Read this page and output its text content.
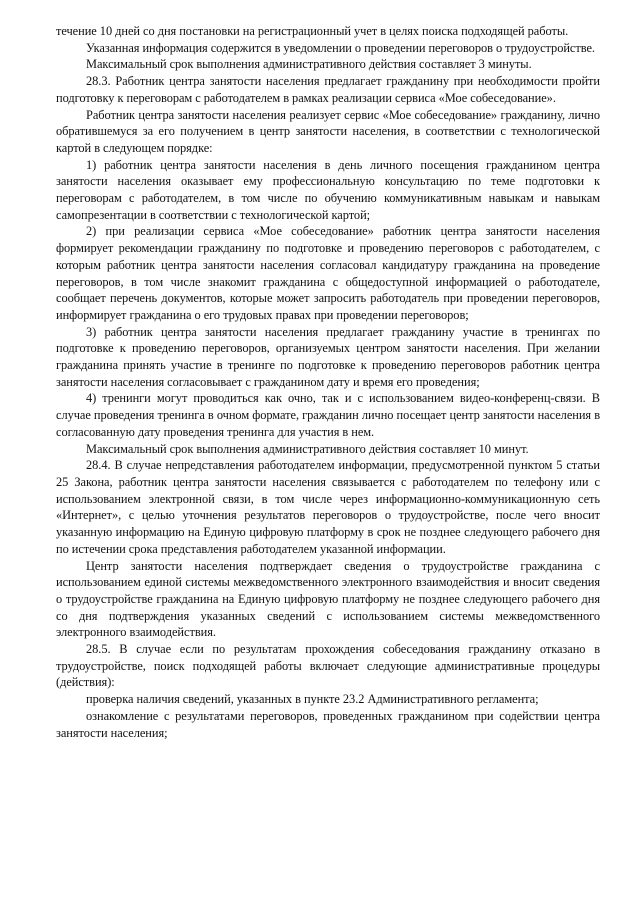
течение 10 дней со дня постановки на регистрационный учет в целях поиска подходящей работы.

Указанная информация содержится в уведомлении о проведении переговоров о трудоустройстве.

Максимальный срок выполнения административного действия составляет 3 минуты.

28.3. Работник центра занятости населения предлагает гражданину при необходимости пройти подготовку к переговорам с работодателем в рамках реализации сервиса «Мое собеседование».

Работник центра занятости населения реализует сервис «Мое собеседование» гражданину, лично обратившемуся за его получением в центр занятости населения, в соответствии с технологической картой в следующем порядке:

1) работник центра занятости населения в день личного посещения гражданином центра занятости населения оказывает ему профессиональную консультацию по теме подготовки к переговорам с работодателем, в том числе по обучению коммуникативным навыкам и навыкам самопрезентации в соответствии с технологической картой;

2) при реализации сервиса «Мое собеседование» работник центра занятости населения формирует рекомендации гражданину по подготовке и проведению переговоров с работодателем, с которым работник центра занятости населения согласовал кандидатуру гражданина на проведение переговоров, в том числе знакомит гражданина с общедоступной информацией о работодателе, сообщает перечень документов, которые может запросить работодатель при проведении переговоров, информирует гражданина о его трудовых правах при проведении переговоров;

3) работник центра занятости населения предлагает гражданину участие в тренингах по подготовке к проведению переговоров, организуемых центром занятости населения. При желании гражданина принять участие в тренинге по подготовке к проведению переговоров работник центра занятости населения согласовывает с гражданином дату и время его проведения;

4) тренинги могут проводиться как очно, так и с использованием видео-конференц-связи. В случае проведения тренинга в очном формате, гражданин лично посещает центр занятости населения в согласованную дату проведения тренинга для участия в нем.

Максимальный срок выполнения административного действия составляет 10 минут.

28.4. В случае непредставления работодателем информации, предусмотренной пунктом 5 статьи 25 Закона, работник центра занятости населения связывается с работодателем по телефону или с использованием электронной связи, в том числе через информационно-коммуникационную сеть «Интернет», с целью уточнения результатов переговоров о трудоустройстве, после чего вносит указанную информацию на Единую цифровую платформу в срок не позднее следующего рабочего дня по истечении срока представления работодателем указанной информации.

Центр занятости населения подтверждает сведения о трудоустройстве гражданина с использованием единой системы межведомственного электронного взаимодействия и вносит сведения о трудоустройстве гражданина на Единую цифровую платформу не позднее следующего рабочего дня со дня подтверждения указанных сведений с использованием системы межведомственного электронного взаимодействия.

28.5. В случае если по результатам прохождения собеседования гражданину отказано в трудоустройстве, поиск подходящей работы включает следующие административные процедуры (действия):

проверка наличия сведений, указанных в пункте 23.2 Административного регламента;

ознакомление с результатами переговоров, проведенных гражданином при содействии центра занятости населения;
